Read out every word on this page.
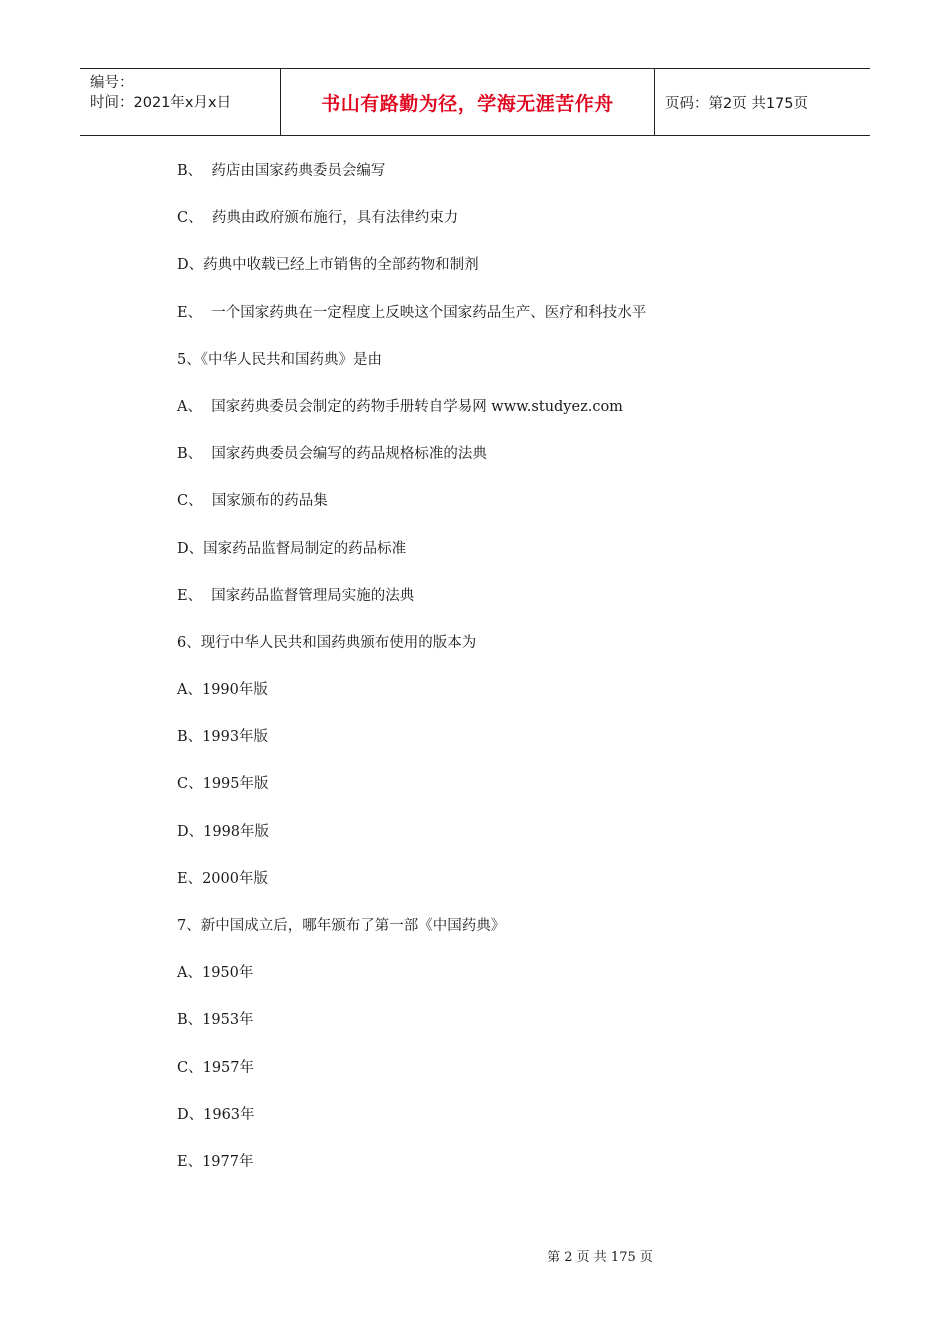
编号：
时间：2021年x月x日	书山有路勤为径，学海无涯苦作舟	页码：第2页 共175页
B、  药店由国家药典委员会编写
C、  药典由政府颁布施行，具有法律约束力
D、药典中收载已经上市销售的全部药物和制剂
E、  一个国家药典在一定程度上反映这个国家药品生产、医疗和科技水平
5、《中华人民共和国药典》是由
A、  国家药典委员会制定的药物手册转自学易网 www.studyez.com
B、  国家药典委员会编写的药品规格标准的法典
C、  国家颁布的药品集
D、国家药品监督局制定的药品标准
E、  国家药品监督管理局实施的法典
6、现行中华人民共和国药典颁布使用的版本为
A、1990年版
B、1993年版
C、1995年版
D、1998年版
E、2000年版
7、新中国成立后，哪年颁布了第一部《中国药典》
A、1950年
B、1953年
C、1957年
D、1963年
E、1977年
第 2 页 共 175 页
